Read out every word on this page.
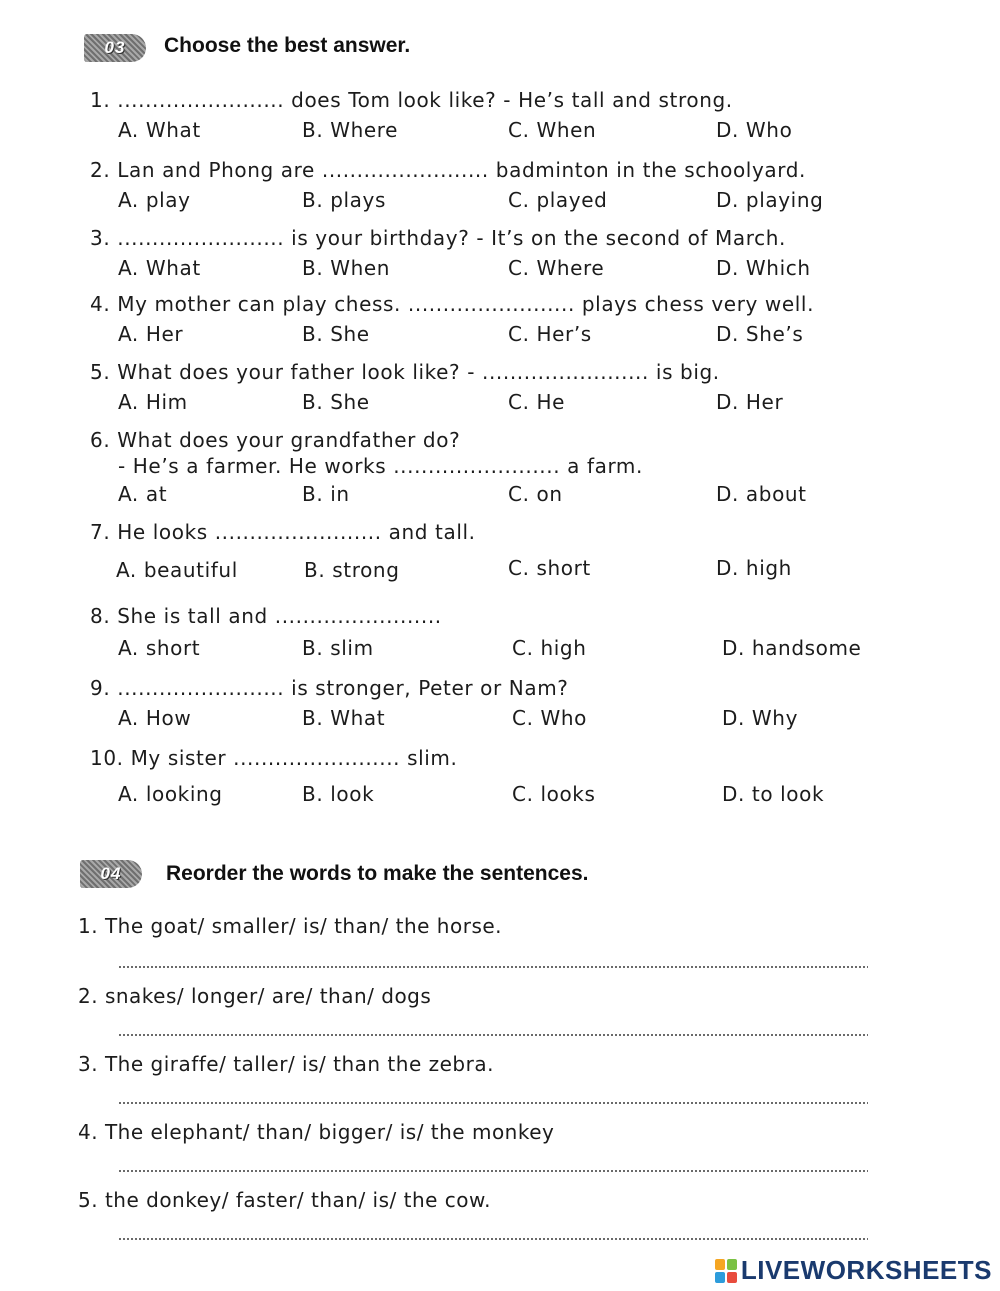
03 Choose the best answer.
1. ........................ does Tom look like? - He’s tall and strong.
A. What	B. Where	C. When	D. Who
2. Lan and Phong are ........................ badminton in the schoolyard.
A. play	B. plays	C. played	D. playing
3. ........................ is your birthday? - It’s on the second of March.
A. What	B. When	C. Where	D. Which
4. My mother can play chess. ........................ plays chess very well.
A. Her	B. She	C. Her’s	D. She’s
5. What does your father look like? - ........................ is big.
A. Him	B. She	C. He	D. Her
6. What does your grandfather do?
- He’s a farmer. He works ........................ a farm.
A. at	B. in	C. on	D. about
7. He looks ........................ and tall.
A. beautiful	B. strong	C. short	D. high
8. She is tall and ........................
A. short	B. slim	C. high	D. handsome
9. ........................ is stronger, Peter or Nam?
A. How	B. What	C. Who	D. Why
10. My sister ........................ slim.
A. looking	B. look	C. looks	D. to look
04 Reorder the words to make the sentences.
1. The goat/ smaller/ is/ than/ the horse.
2. snakes/ longer/ are/ than/ dogs
3. The giraffe/ taller/ is/ than the zebra.
4. The elephant/ than/ bigger/ is/ the monkey
5. the donkey/ faster/ than/ is/ the cow.
LIVEWORKSHEETS
